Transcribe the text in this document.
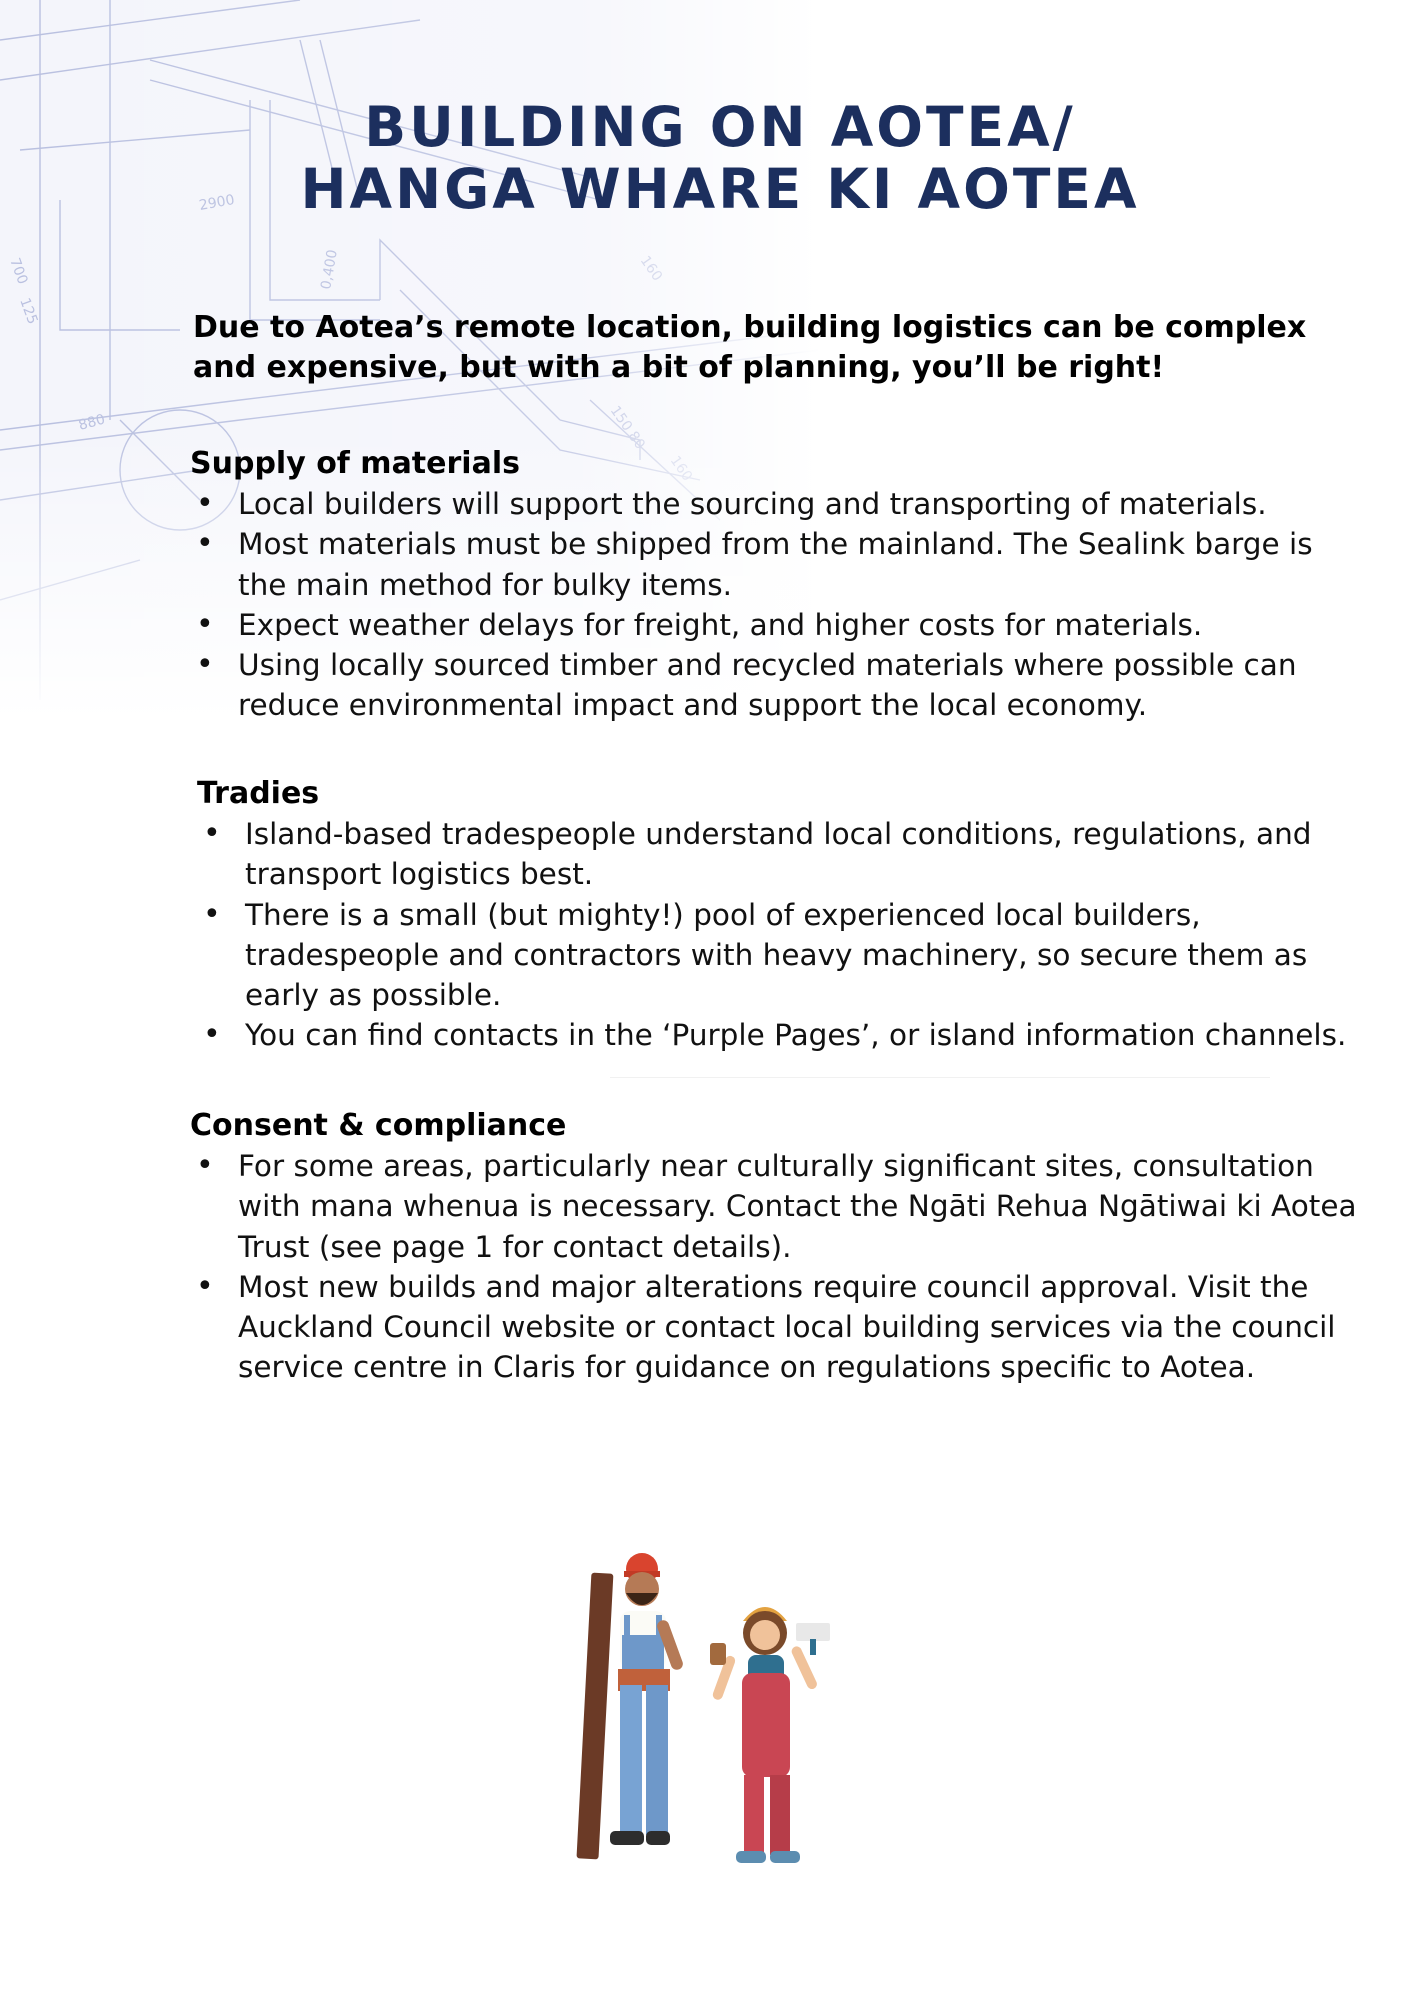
BUILDING ON AOTEA/
HANGA WHARE KI AOTEA

Due to Aotea’s remote location, building logistics can be complex and expensive, but with a bit of planning, you’ll be right!

Supply of materials
• Local builders will support the sourcing and transporting of materials.
• Most materials must be shipped from the mainland. The Sealink barge is the main method for bulky items.
• Expect weather delays for freight, and higher costs for materials.
• Using locally sourced timber and recycled materials where possible can reduce environmental impact and support the local economy.
Tradies
• Island-based tradespeople understand local conditions, regulations, and transport logistics best.
• There is a small (but mighty!) pool of experienced local builders, tradespeople and contractors with heavy machinery, so secure them as early as possible.
• You can find contacts in the ‘Purple Pages’, or island information channels.
Consent & compliance
• For some areas, particularly near culturally significant sites, consultation with mana whenua is necessary. Contact the Ngāti Rehua Ngātiwai ki Aotea Trust (see page 1 for contact details).
• Most new builds and major alterations require council approval. Visit the Auckland Council website or contact local building services via the council service centre in Claris for guidance on regulations specific to Aotea.
